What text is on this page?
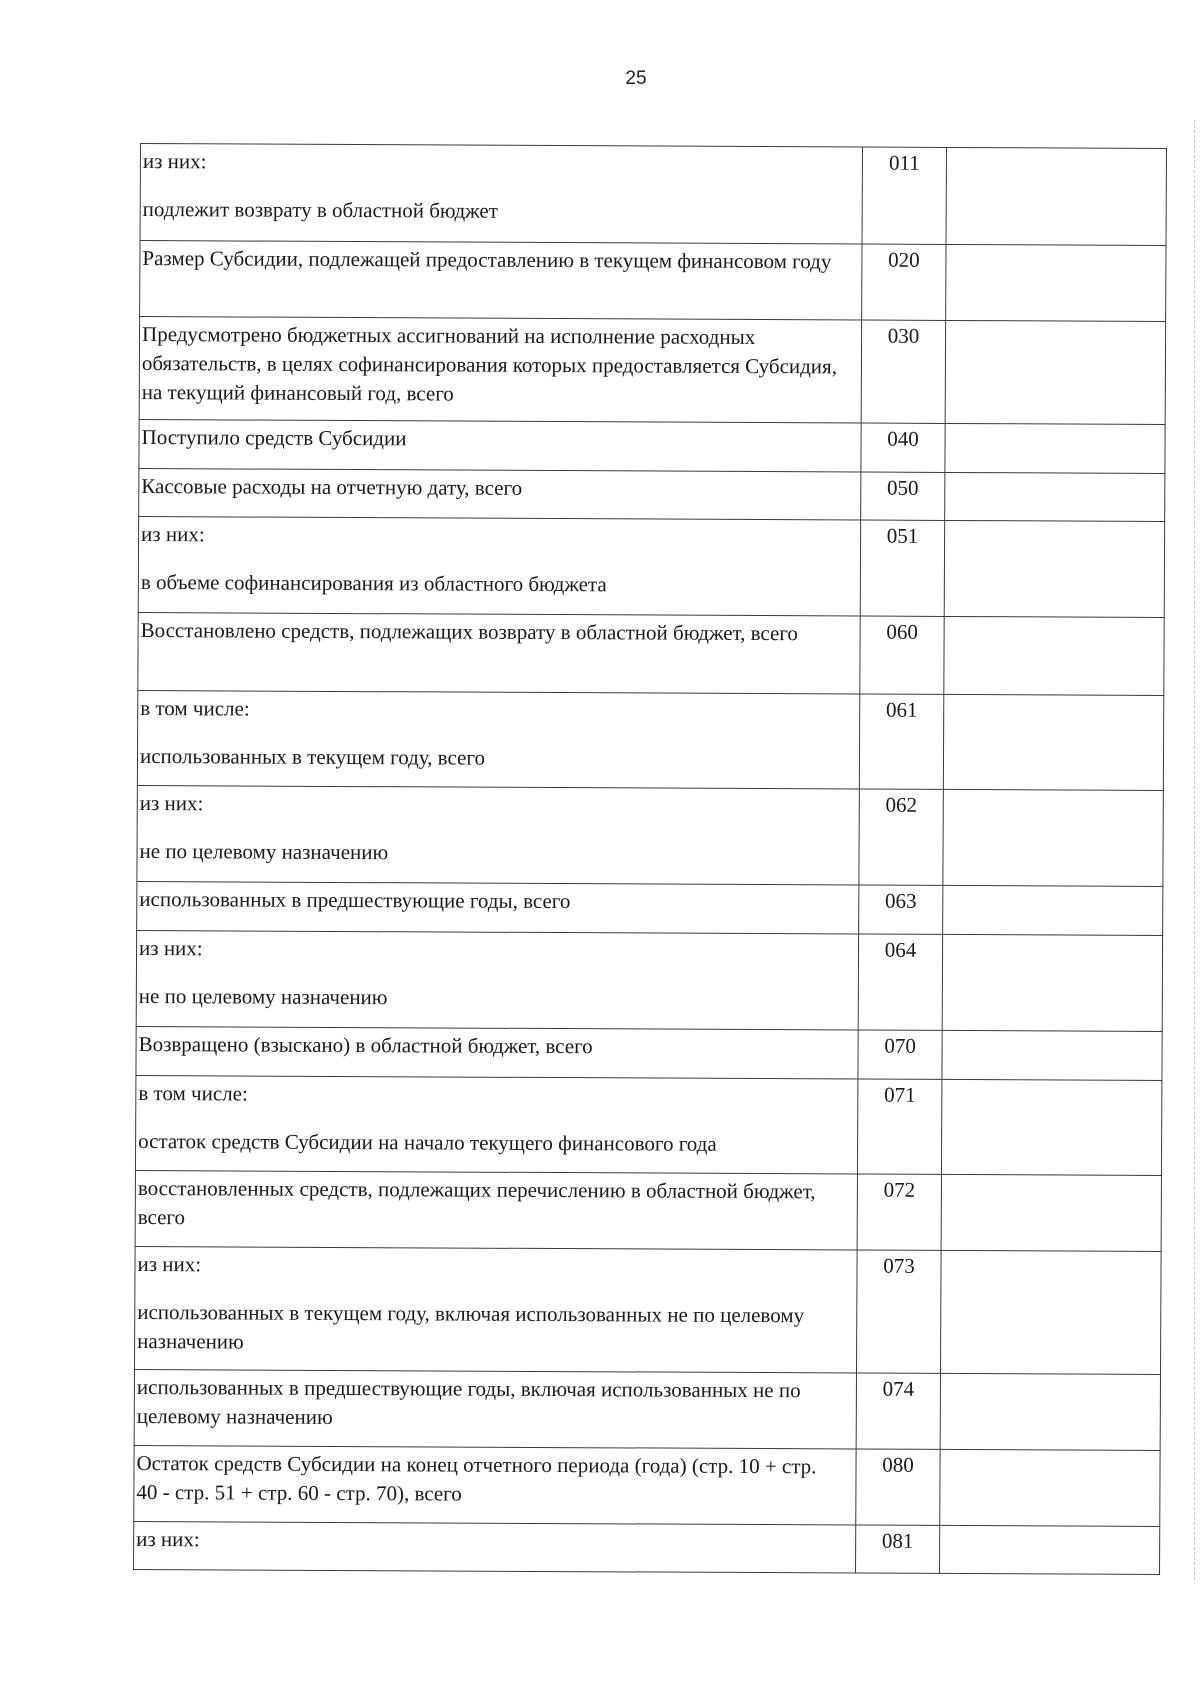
25
из них:
подлежит возврату в областной бюджет	011	

Размер Субсидии, подлежащей предоставлению в текущем финансовом году	020	

Предусмотрено бюджетных ассигнований на исполнение расходных обязательств, в целях софинансирования которых предоставляется Субсидия, на текущий финансовый год, всего	030	

Поступило средств Субсидии	040	

Кассовые расходы на отчетную дату, всего	050	

из них:
в объеме софинансирования из областного бюджета	051	

Восстановлено средств, подлежащих возврату в областной бюджет, всего	060	

в том числе:
использованных в текущем году, всего	061	

из них:
не по целевому назначению	062	

использованных в предшествующие годы, всего	063	

из них:
не по целевому назначению	064	

Возвращено (взыскано) в областной бюджет, всего	070	

в том числе:
остаток средств Субсидии на начало текущего финансового года	071	

восстановленных средств, подлежащих перечислению в областной бюджет, всего	072	

из них:
использованных в текущем году, включая использованных не по целевому назначению	073	

использованных в предшествующие годы, включая использованных не по целевому назначению	074	

Остаток средств Субсидии на конец отчетного периода (года) (стр. 10 + стр. 40 - стр. 51 + стр. 60 - стр. 70), всего	080	

из них:	081	
